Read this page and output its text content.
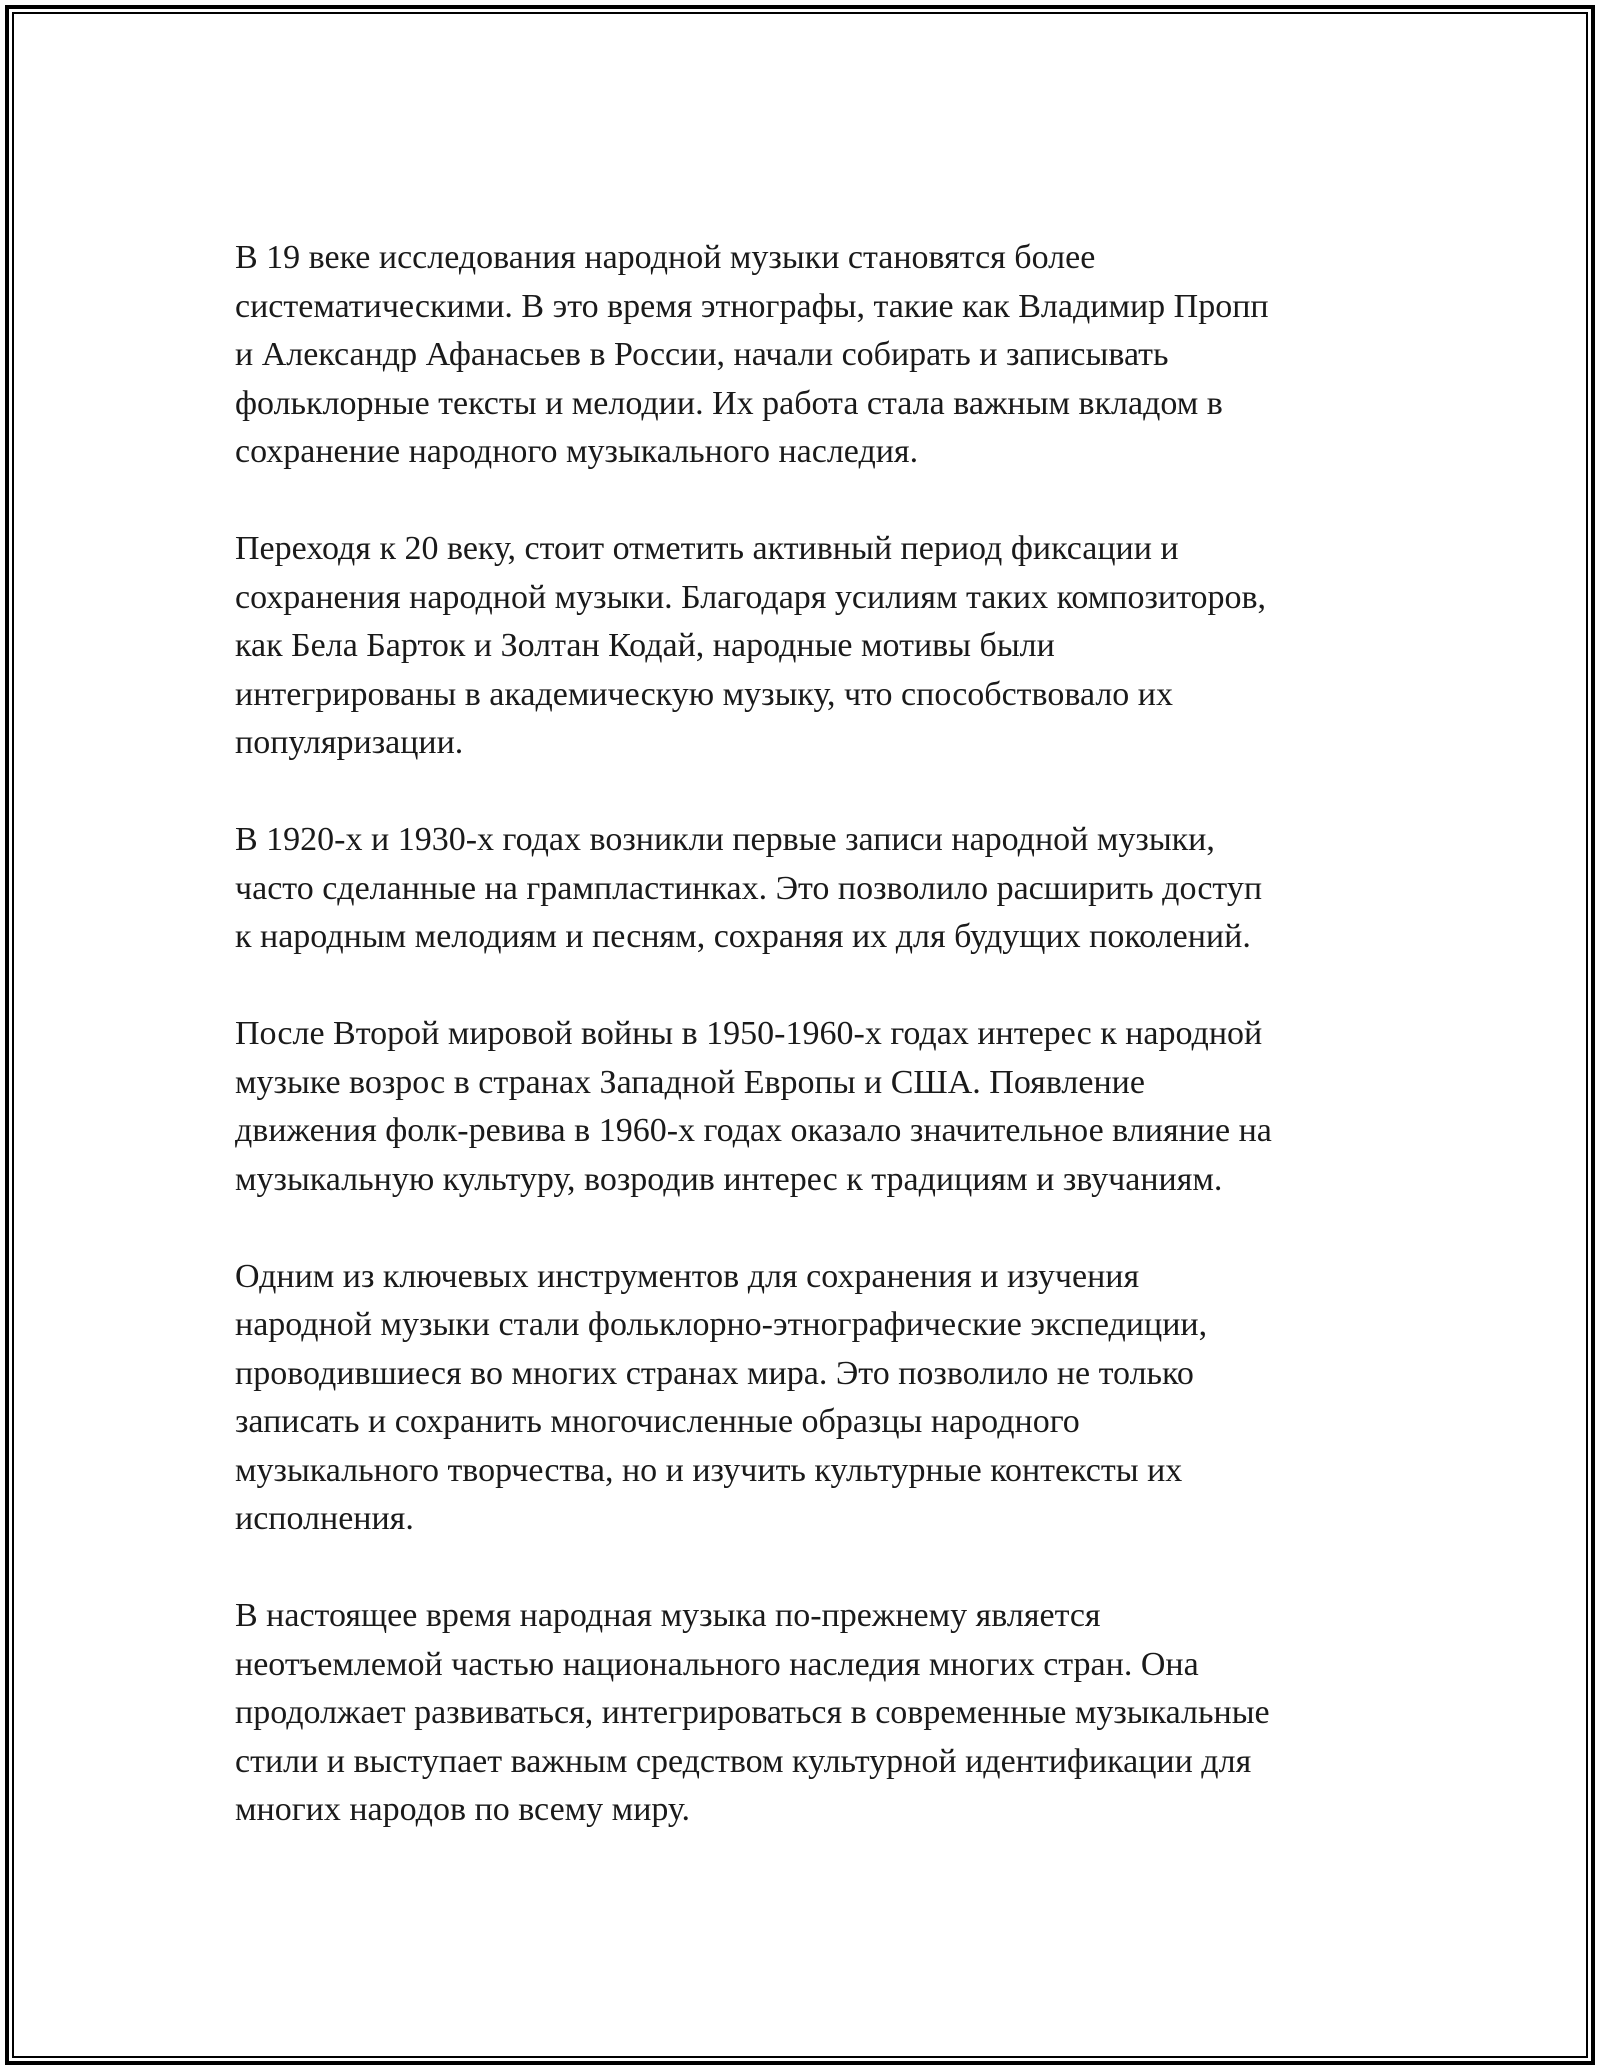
В 19 веке исследования народной музыки становятся более
систематическими. В это время этнографы, такие как Владимир Пропп
и Александр Афанасьев в России, начали собирать и записывать
фольклорные тексты и мелодии. Их работа стала важным вкладом в
сохранение народного музыкального наследия.

Переходя к 20 веку, стоит отметить активный период фиксации и
сохранения народной музыки. Благодаря усилиям таких композиторов,
как Бела Барток и Золтан Кодай, народные мотивы были
интегрированы в академическую музыку, что способствовало их
популяризации.

В 1920-х и 1930-х годах возникли первые записи народной музыки,
часто сделанные на грампластинках. Это позволило расширить доступ
к народным мелодиям и песням, сохраняя их для будущих поколений.

После Второй мировой войны в 1950-1960-х годах интерес к народной
музыке возрос в странах Западной Европы и США. Появление
движения фолк-ревива в 1960-х годах оказало значительное влияние на
музыкальную культуру, возродив интерес к традициям и звучаниям.

Одним из ключевых инструментов для сохранения и изучения
народной музыки стали фольклорно-этнографические экспедиции,
проводившиеся во многих странах мира. Это позволило не только
записать и сохранить многочисленные образцы народного
музыкального творчества, но и изучить культурные контексты их
исполнения.

В настоящее время народная музыка по-прежнему является
неотъемлемой частью национального наследия многих стран. Она
продолжает развиваться, интегрироваться в современные музыкальные
стили и выступает важным средством культурной идентификации для
многих народов по всему миру.
